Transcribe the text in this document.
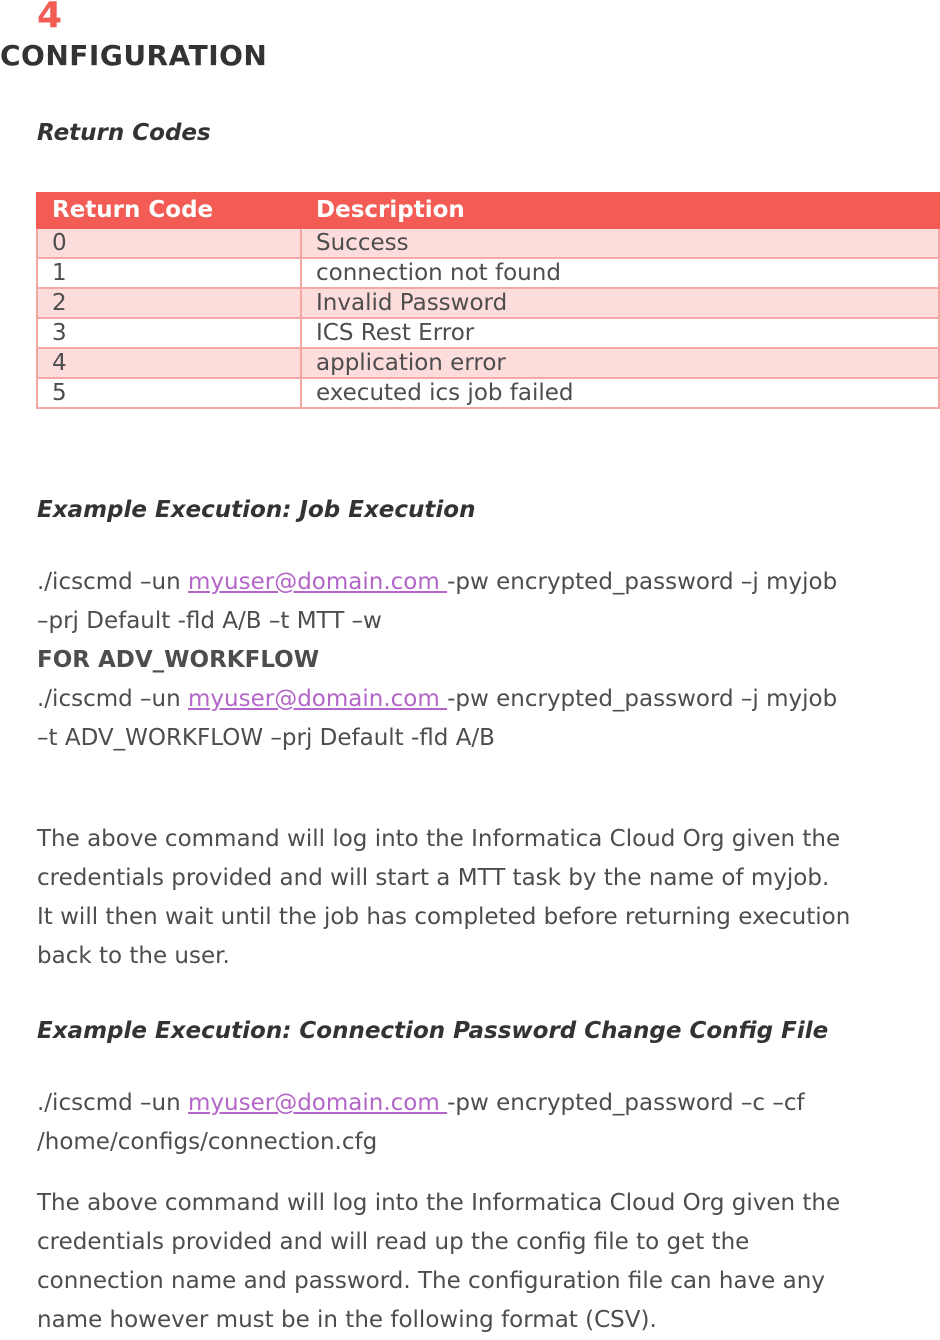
4
CONFIGURATION
Return Codes
Return Code	Description
0	Success
1	connection not found
2	Invalid Password
3	ICS Rest Error
4	application error
5	executed ics job failed
Example Execution: Job Execution
./icscmd –un myuser@domain.com -pw encrypted_password –j myjob
–prj Default -fld A/B –t MTT –w
FOR ADV_WORKFLOW
./icscmd –un myuser@domain.com -pw encrypted_password –j myjob
–t ADV_WORKFLOW –prj Default -fld A/B
The above command will log into the Informatica Cloud Org given the
credentials provided and will start a MTT task by the name of myjob.
It will then wait until the job has completed before returning execution
back to the user.
Example Execution: Connection Password Change Config File
./icscmd –un myuser@domain.com -pw encrypted_password –c –cf
/home/configs/connection.cfg
The above command will log into the Informatica Cloud Org given the
credentials provided and will read up the config file to get the
connection name and password. The configuration file can have any
name however must be in the following format (CSV).
